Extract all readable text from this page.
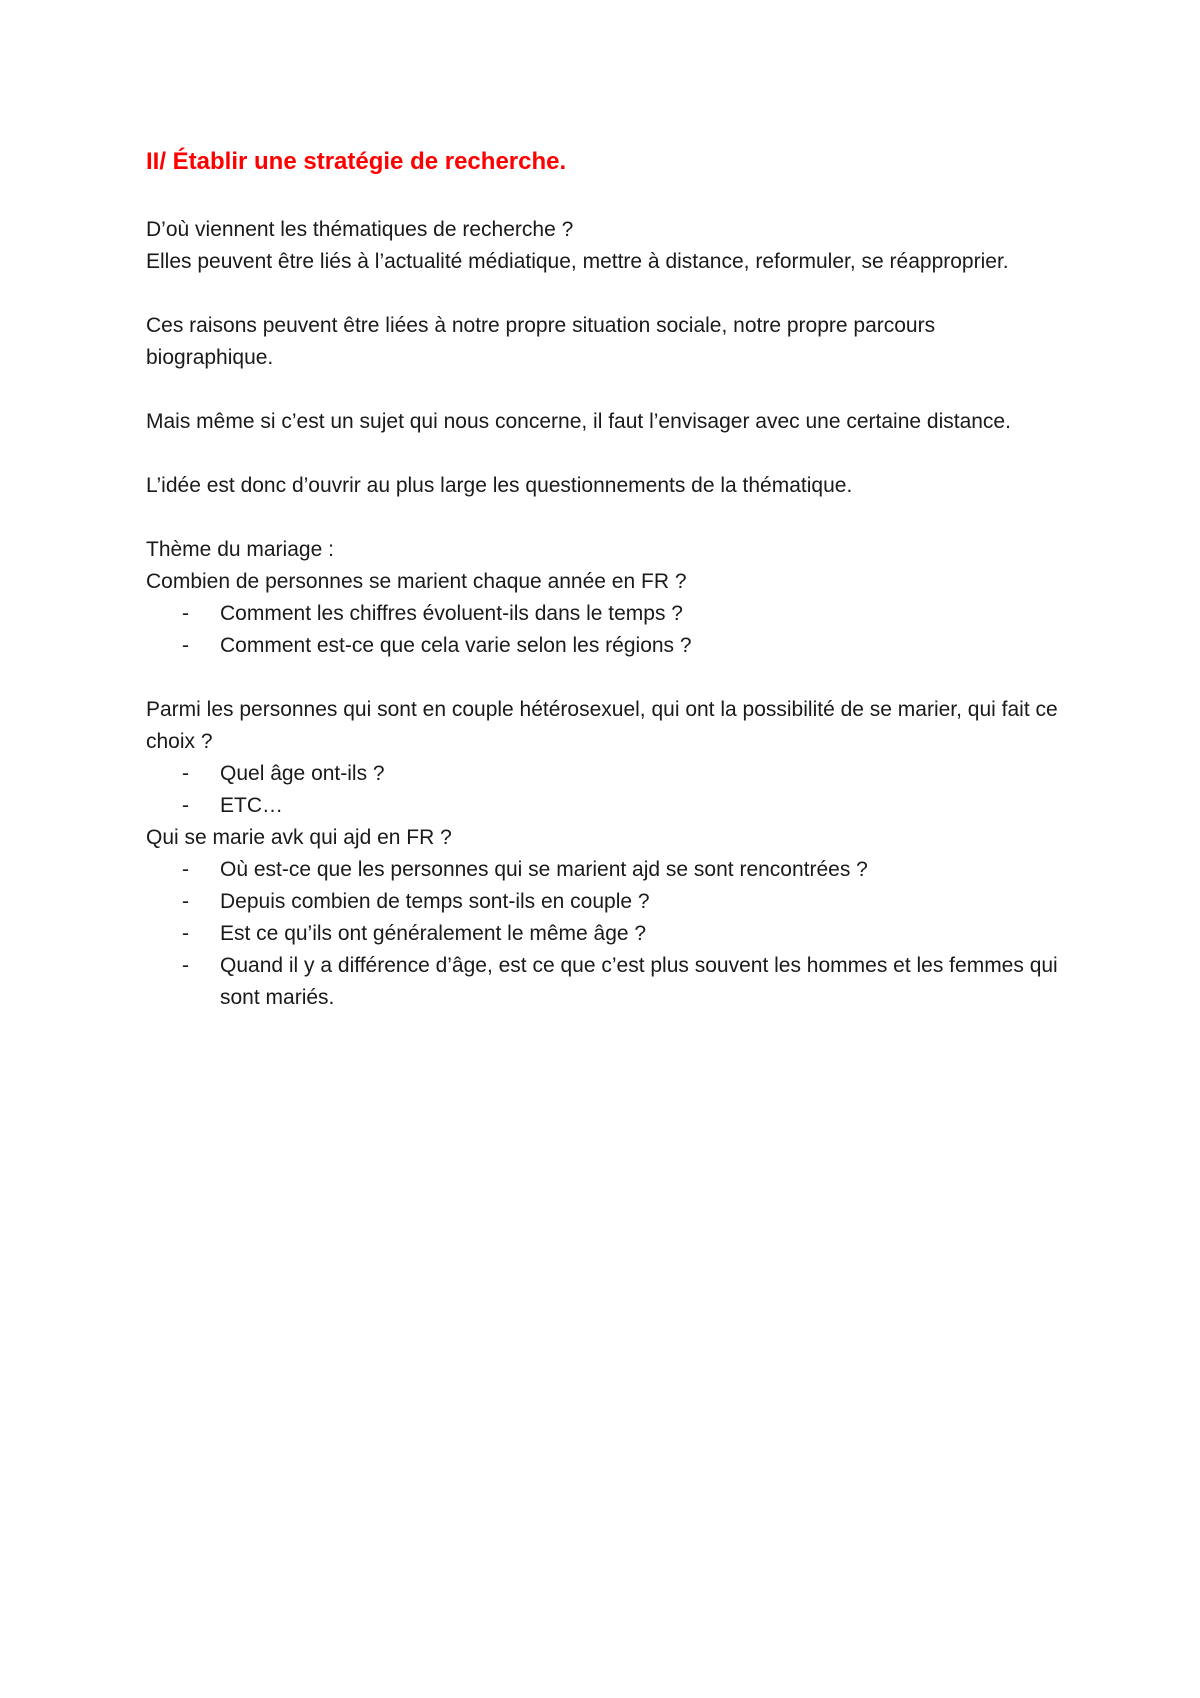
II/ Établir une stratégie de recherche.

D’où viennent les thématiques de recherche ?

Elles peuvent être liés à l’actualité médiatique, mettre à distance, reformuler, se réapproprier.

Ces raisons peuvent être liées à notre propre situation sociale, notre propre parcours biographique.

Mais même si c’est un sujet qui nous concerne, il faut l’envisager avec une certaine distance.

L’idée est donc d’ouvrir au plus large les questionnements de la thématique.

Thème du mariage :

Combien de personnes se marient chaque année en FR ?

- Comment les chiffres évoluent-ils dans le temps ?
- Comment est-ce que cela varie selon les régions ?

Parmi les personnes qui sont en couple hétérosexuel, qui ont la possibilité de se marier, qui fait ce choix ?

- Quel âge ont-ils ?
- ETC…

Qui se marie avk qui ajd en FR ?

- Où est-ce que les personnes qui se marient ajd se sont rencontrées ?
- Depuis combien de temps sont-ils en couple ?
- Est ce qu’ils ont généralement le même âge ?
- Quand il y a différence d’âge, est ce que c’est plus souvent les hommes et les femmes qui sont mariés.
